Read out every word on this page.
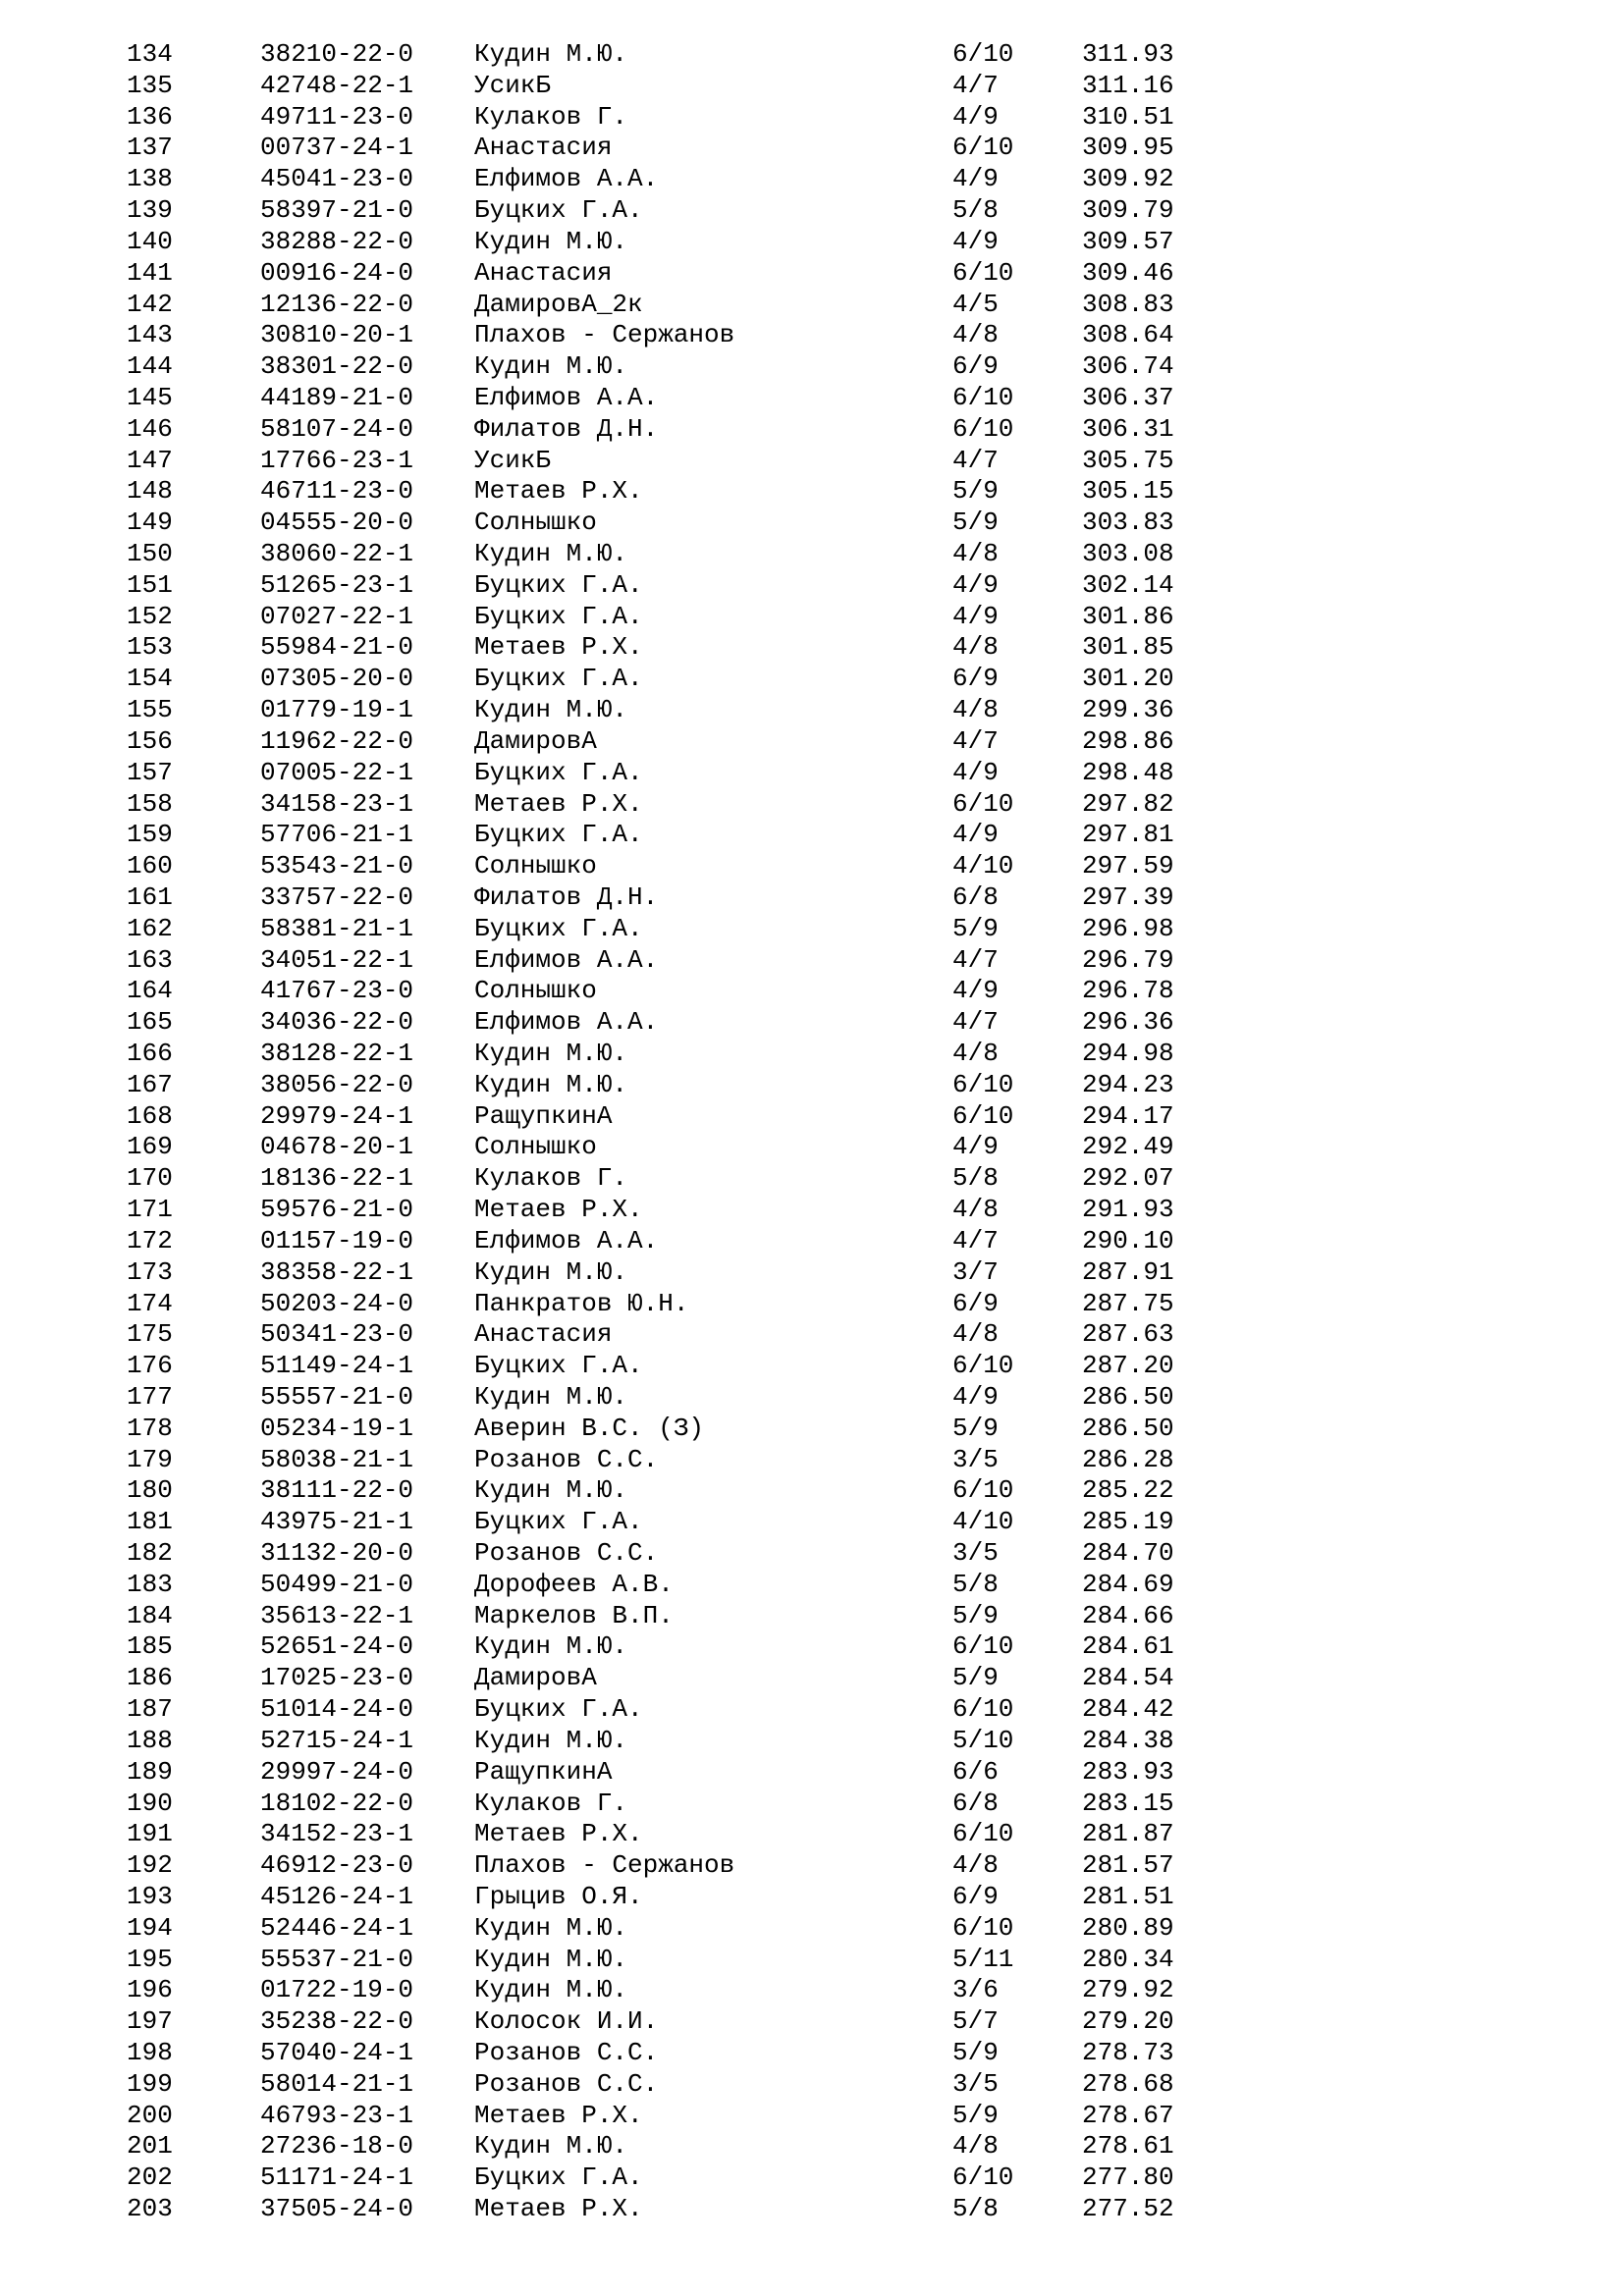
134	38210-22-0 Кудин М.Ю.	6/10	311.93
135	42748-22-1 УсикБ	4/7	311.16
136	49711-23-0 Кулаков Г.	4/9	310.51
137	00737-24-1 Анастасия	6/10	309.95
138	45041-23-0 Елфимов А.А.	4/9	309.92
139	58397-21-0 Буцких Г.А.	5/8	309.79
140	38288-22-0 Кудин М.Ю.	4/9	309.57
141	00916-24-0 Анастасия	6/10	309.46
142	12136-22-0 ДамировА_2к	4/5	308.83
143	30810-20-1 Плахов - Сержанов	4/8	308.64
144	38301-22-0 Кудин М.Ю.	6/9	306.74
145	44189-21-0 Елфимов А.А.	6/10	306.37
146	58107-24-0 Филатов Д.Н.	6/10	306.31
147	17766-23-1 УсикБ	4/7	305.75
148	46711-23-0 Метаев Р.Х.	5/9	305.15
149	04555-20-0 Солнышко	5/9	303.83
150	38060-22-1 Кудин М.Ю.	4/8	303.08
151	51265-23-1 Буцких Г.А.	4/9	302.14
152	07027-22-1 Буцких Г.А.	4/9	301.86
153	55984-21-0 Метаев Р.Х.	4/8	301.85
154	07305-20-0 Буцких Г.А.	6/9	301.20
155	01779-19-1 Кудин М.Ю.	4/8	299.36
156	11962-22-0 ДамировА	4/7	298.86
157	07005-22-1 Буцких Г.А.	4/9	298.48
158	34158-23-1 Метаев Р.Х.	6/10	297.82
159	57706-21-1 Буцких Г.А.	4/9	297.81
160	53543-21-0 Солнышко	4/10	297.59
161	33757-22-0 Филатов Д.Н.	6/8	297.39
162	58381-21-1 Буцких Г.А.	5/9	296.98
163	34051-22-1 Елфимов А.А.	4/7	296.79
164	41767-23-0 Солнышко	4/9	296.78
165	34036-22-0 Елфимов А.А.	4/7	296.36
166	38128-22-1 Кудин М.Ю.	4/8	294.98
167	38056-22-0 Кудин М.Ю.	6/10	294.23
168	29979-24-1 РащупкинА	6/10	294.17
169	04678-20-1 Солнышко	4/9	292.49
170	18136-22-1 Кулаков Г.	5/8	292.07
171	59576-21-0 Метаев Р.Х.	4/8	291.93
172	01157-19-0 Елфимов А.А.	4/7	290.10
173	38358-22-1 Кудин М.Ю.	3/7	287.91
174	50203-24-0 Панкратов Ю.Н.	6/9	287.75
175	50341-23-0 Анастасия	4/8	287.63
176	51149-24-1 Буцких Г.А.	6/10	287.20
177	55557-21-0 Кудин М.Ю.	4/9	286.50
178	05234-19-1 Аверин В.С. (З)	5/9	286.50
179	58038-21-1 Розанов С.С.	3/5	286.28
180	38111-22-0 Кудин М.Ю.	6/10	285.22
181	43975-21-1 Буцких Г.А.	4/10	285.19
182	31132-20-0 Розанов С.С.	3/5	284.70
183	50499-21-0 Дорофеев А.В.	5/8	284.69
184	35613-22-1 Маркелов В.П.	5/9	284.66
185	52651-24-0 Кудин М.Ю.	6/10	284.61
186	17025-23-0 ДамировА	5/9	284.54
187	51014-24-0 Буцких Г.А.	6/10	284.42
188	52715-24-1 Кудин М.Ю.	5/10	284.38
189	29997-24-0 РащупкинА	6/6	283.93
190	18102-22-0 Кулаков Г.	6/8	283.15
191	34152-23-1 Метаев Р.Х.	6/10	281.87
192	46912-23-0 Плахов - Сержанов	4/8	281.57
193	45126-24-1 Грыцив О.Я.	6/9	281.51
194	52446-24-1 Кудин М.Ю.	6/10	280.89
195	55537-21-0 Кудин М.Ю.	5/11	280.34
196	01722-19-0 Кудин М.Ю.	3/6	279.92
197	35238-22-0 Колосок И.И.	5/7	279.20
198	57040-24-1 Розанов С.С.	5/9	278.73
199	58014-21-1 Розанов С.С.	3/5	278.68
200	46793-23-1 Метаев Р.Х.	5/9	278.67
201	27236-18-0 Кудин М.Ю.	4/8	278.61
202	51171-24-1 Буцких Г.А.	6/10	277.80
203	37505-24-0 Метаев Р.Х.	5/8	277.52
